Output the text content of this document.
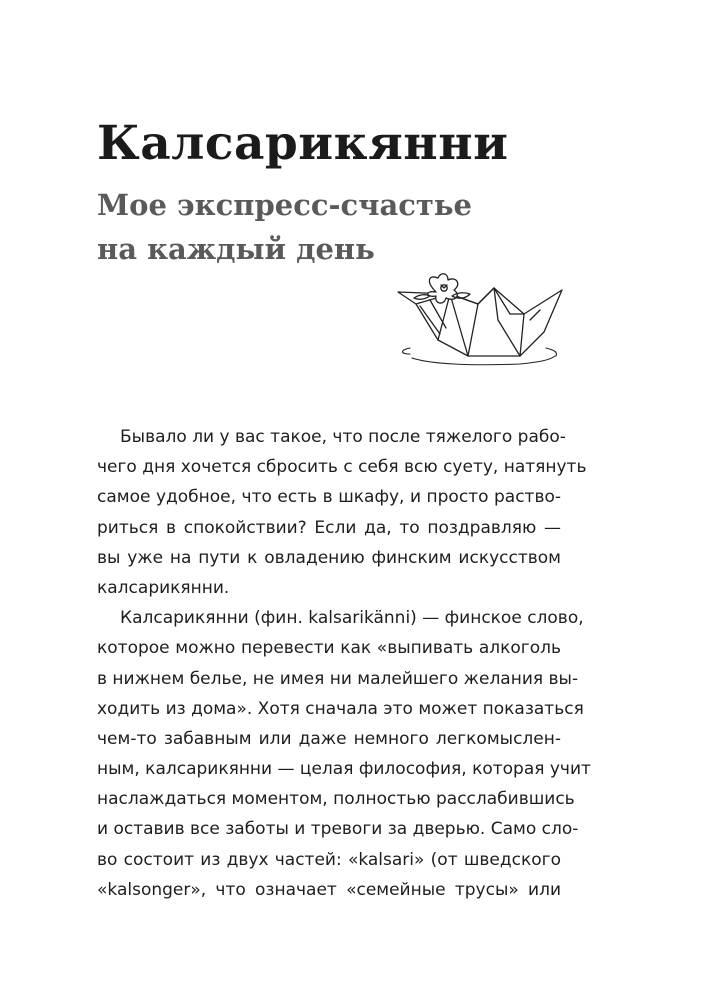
Калсарикянни
Мое экспресс-счастье
на каждый день
Бывало ли у вас такое, что после тяжелого рабо-
чего дня хочется сбросить с себя всю суету, натянуть
самое удобное, что есть в шкафу, и просто раство-
риться в спокойствии? Если да, то поздравляю —
вы уже на пути к овладению финским искусством
калсарикянни.
Калсарикянни (фин. kalsarikänni) — финское слово,
которое можно перевести как «выпивать алкоголь
в нижнем белье, не имея ни малейшего желания вы-
ходить из дома». Хотя сначала это может показаться
чем-то забавным или даже немного легкомыслен-
ным, калсарикянни — целая философия, которая учит
наслаждаться моментом, полностью расслабившись
и оставив все заботы и тревоги за дверью. Само сло-
во состоит из двух частей: «kalsari» (от шведского
«kalsonger», что означает «семейные трусы» или
